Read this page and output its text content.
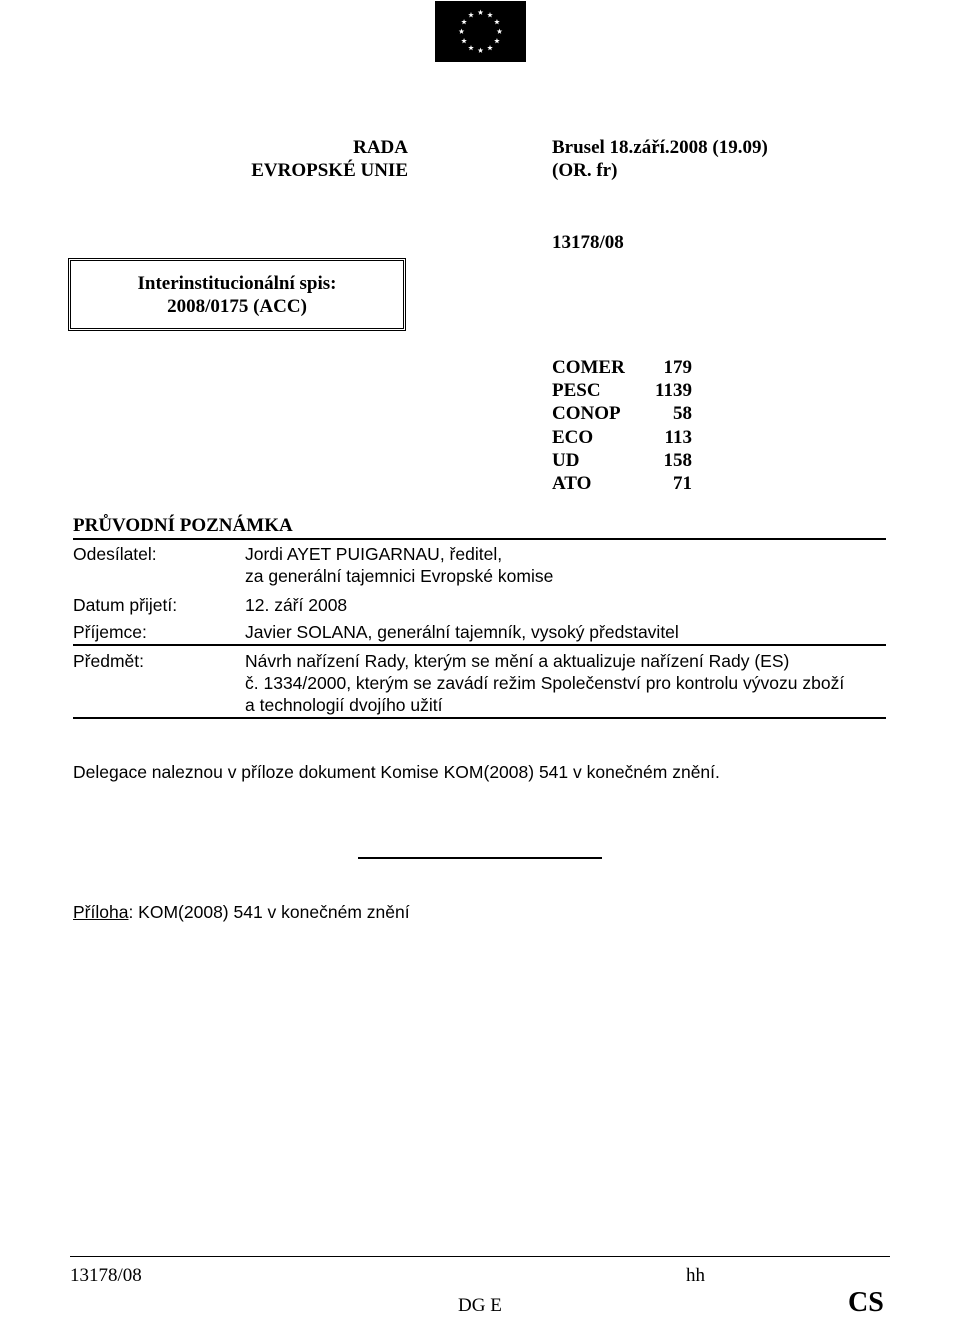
RADA
EVROPSKÉ UNIE
Brusel 18.září.2008 (19.09)
(OR. fr)
13178/08
Interinstitucionální spis:
2008/0175 (ACC)
COMER 179
PESC	1139
CONOP	58
ECO	113
UD	158
ATO	71
PRŮVODNÍ POZNÁMKA
Odesílatel:	Jordi AYET PUIGARNAU, ředitel,
za generální tajemnici Evropské komise
Datum přijetí:	12. září 2008
Příjemce:	Javier SOLANA, generální tajemník, vysoký představitel
Předmět:	Návrh nařízení Rady, kterým se mění a aktualizuje nařízení Rady (ES)
č. 1334/2000, kterým se zavádí režim Společenství pro kontrolu vývozu zboží
a technologií dvojího užití
Delegace naleznou v příloze dokument Komise KOM(2008) 541 v konečném znění.
Příloha: KOM(2008) 541 v konečném znění
13178/08	hh
DG E	CS
